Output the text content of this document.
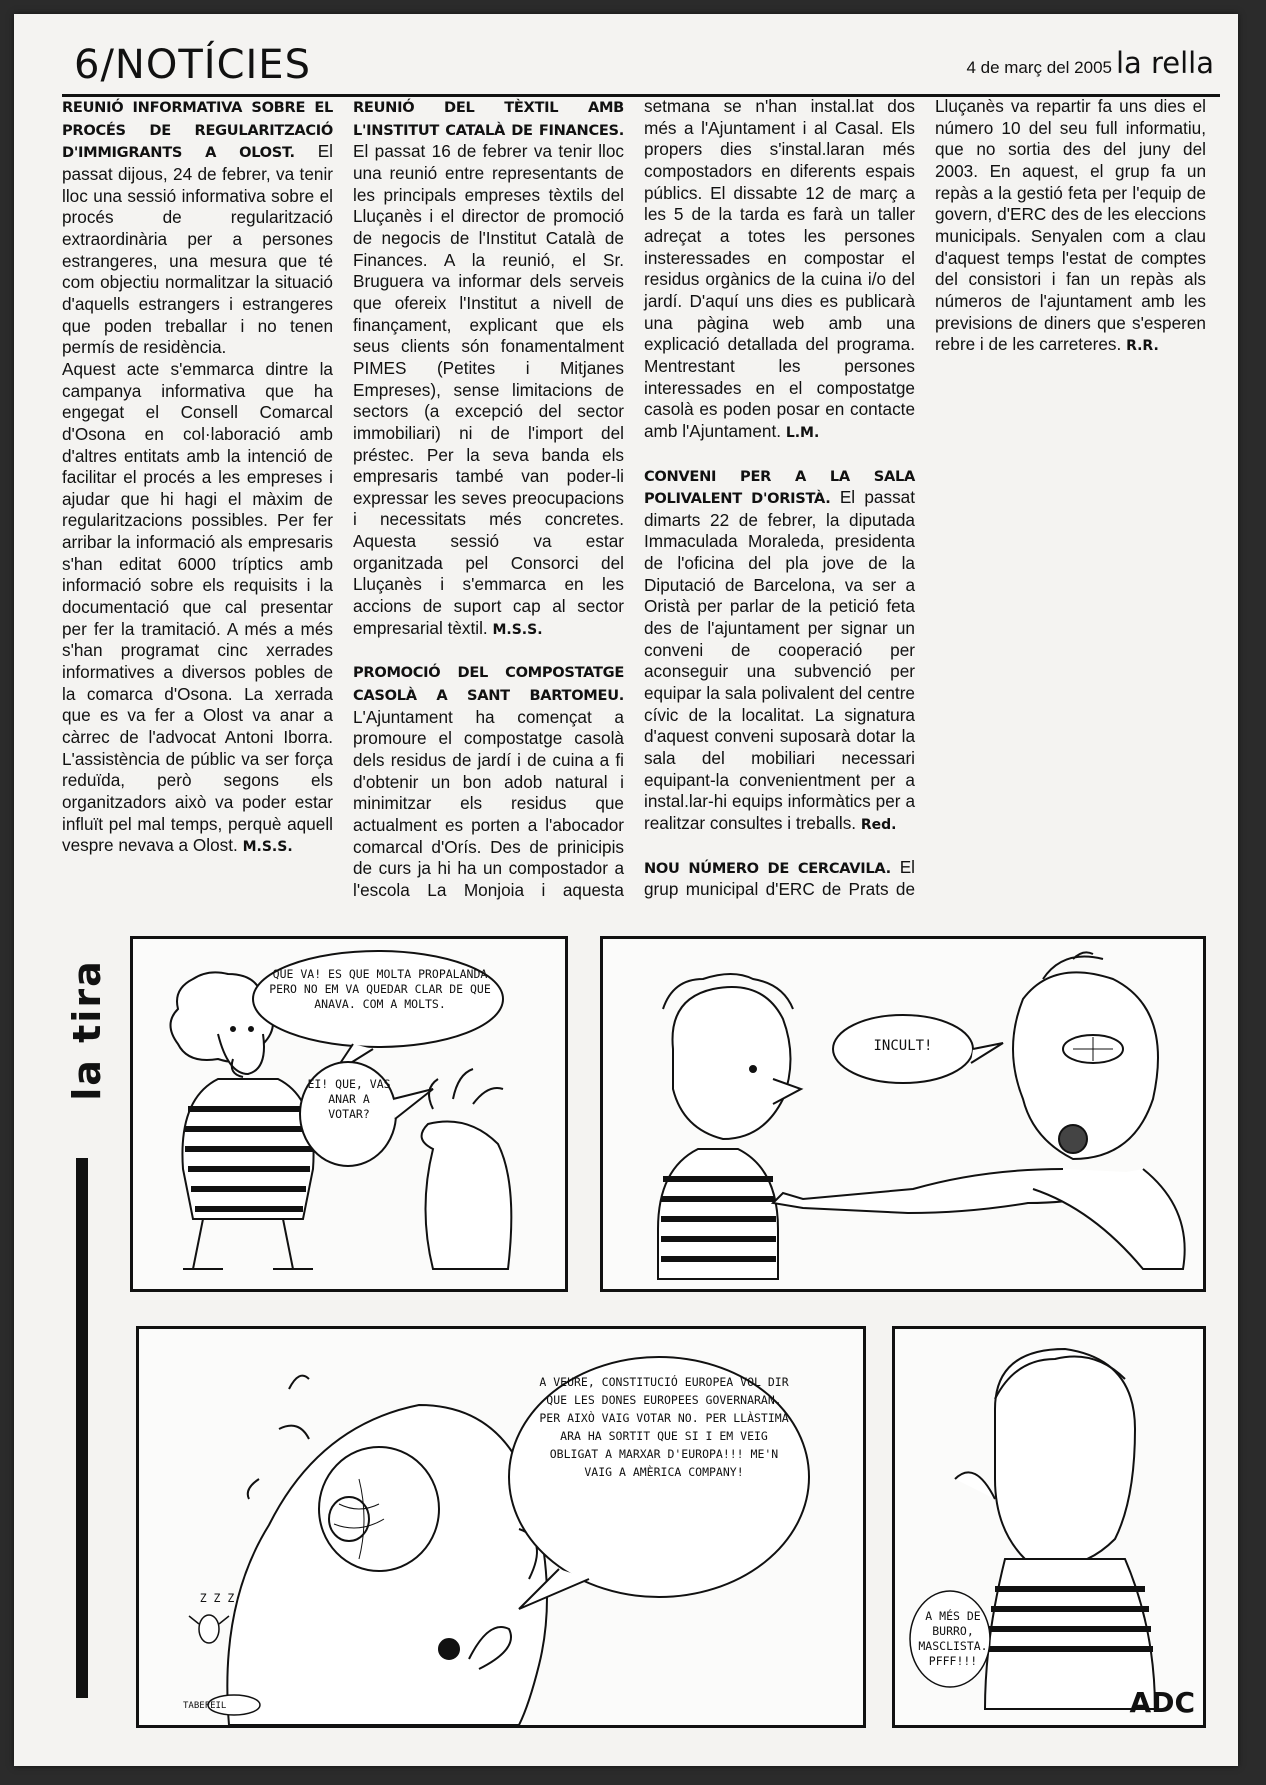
6/NOTÍCIES	4 de març del 2005 la rella

REUNIÓ INFORMATIVA SOBRE EL PROCÉS DE REGULARITZACIÓ D'IMMIGRANTS A OLOST. El passat dijous, 24 de febrer, va tenir lloc una sessió informativa sobre el procés de regularització extraordinària per a persones estrangeres, una mesura que té com objectiu normalitzar la situació d'aquells estrangers i estrangeres que poden treballar i no tenen permís de residència.

Aquest acte s'emmarca dintre la campanya informativa que ha engegat el Consell Comarcal d'Osona en col·laboració amb d'altres entitats amb la intenció de facilitar el procés a les empreses i ajudar que hi hagi el màxim de regularitzacions possibles. Per fer arribar la informació als empresaris s'han editat 6000 tríptics amb informació sobre els requisits i la documentació que cal presentar per fer la tramitació. A més a més s'han programat cinc xerrades informatives a diversos pobles de la comarca d'Osona. La xerrada que es va fer a Olost va anar a càrrec de l'advocat Antoni Iborra. L'assistència de públic va ser força reduïda, però segons els organitzadors això va poder estar influït pel mal temps, perquè aquell vespre nevava a Olost. M.S.S.

REUNIÓ DEL TÈXTIL AMB L'INSTITUT CATALÀ DE FINANCES. El passat 16 de febrer va tenir lloc una reunió entre representants de les principals empreses tèxtils del Lluçanès i el director de promoció de negocis de l'Institut Català de Finances. A la reunió, el Sr. Bruguera va informar dels serveis que ofereix l'Institut a nivell de finançament, explicant que els seus clients són fonamentalment PIMES (Petites i Mitjanes Empreses), sense limitacions de sectors (a excepció del sector immobiliari) ni de l'import del préstec. Per la seva banda els empresaris també van poder-li expressar les seves preocupacions i necessitats més concretes. Aquesta sessió va estar organitzada pel Consorci del Lluçanès i s'emmarca en les accions de suport cap al sector empresarial tèxtil. M.S.S.

PROMOCIÓ DEL COMPOSTATGE CASOLÀ A SANT BARTOMEU. L'Ajuntament ha començat a promoure el compostatge casolà dels residus de jardí i de cuina a fi d'obtenir un bon adob natural i minimitzar els residus que actualment es porten a l'abocador comarcal d'Orís. Des de prinicipis de curs ja hi ha un compostador a l'escola La Monjoia i aquesta setmana se n'han instal.lat dos més a l'Ajuntament i al Casal. Els propers dies s'instal.laran més compostadors en diferents espais públics. El dissabte 12 de març a les 5 de la tarda es farà un taller adreçat a totes les persones insteressades en compostar el residus orgànics de la cuina i/o del jardí. D'aquí uns dies es publicarà una pàgina web amb una explicació detallada del programa. Mentrestant les persones interessades en el compostatge casolà es poden posar en contacte amb l'Ajuntament. L.M.

CONVENI PER A LA SALA POLIVALENT D'ORISTÀ. El passat dimarts 22 de febrer, la diputada Immaculada Moraleda, presidenta de l'oficina del pla jove de la Diputació de Barcelona, va ser a Oristà per parlar de la petició feta des de l'ajuntament per signar un conveni de cooperació per aconseguir una subvenció per equipar la sala polivalent del centre cívic de la localitat. La signatura d'aquest conveni suposarà dotar la sala del mobiliari necessari equipant-la convenientment per a instal.lar-hi equips informàtics per a realitzar consultes i treballs. Red.

NOU NÚMERO DE CERCAVILA. El grup municipal d'ERC de Prats de Lluçanès va repartir fa uns dies el número 10 del seu full informatiu, que no sortia des del juny del 2003. En aquest, el grup fa un repàs a la gestió feta per l'equip de govern, d'ERC des de les eleccions municipals. Senyalen com a clau d'aquest temps l'estat de comptes del consistori i fan un repàs als números de l'ajuntament amb les previsions de diners que s'esperen rebre i de les carreteres. R.R.

la tira	QUE VA! ES QUE MOLTA PROPALANDA PERO NO EM VA QUEDAR CLAR DE QUE ANAVA. COM A MOLTS.
EI! QUE, VAS ANAR A VOTAR?
INCULT!
A VEURE, CONSTITUCIÓ EUROPEA VOL DIR QUE LES DONES EUROPEES GOVERNARAN. PER AIXÒ VAIG VOTAR NO. PER LLÀSTIMA ARA HA SORTIT QUE SI I EM VEIG OBLIGAT A MARXAR D'EUROPA!!! ME'N VAIG A AMÈRICA COMPANY!
Z Z Z
TABEFEIL
A MÉS DE BURRO, MASCLISTA. PFFF!!!
ADC
